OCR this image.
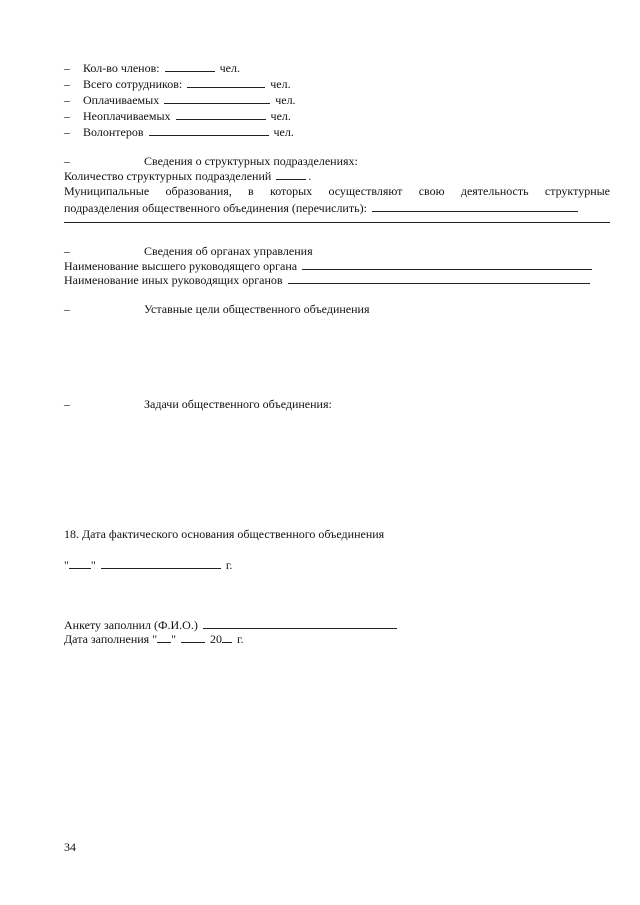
– Кол-во членов:	чел.
– Всего сотрудников:	чел.
– Оплачиваемых	чел.
– Неоплачиваемых	чел.
– Волонтеров	чел.
–	Сведения о структурных подразделениях:
Количество структурных подразделений	.
Муниципальные образования, в которых осуществляют свою деятельность структурные
подразделения общественного объединения (перечислить):
–	Сведения об органах управления
Наименование высшего руководящего органа
Наименование иных руководящих органов
–	Уставные цели общественного объединения
–	Задачи общественного объединения:
18. Дата фактического основания общественного объединения
" "	г.
Анкету заполнил (Ф.И.О.)
Дата заполнения " "	20 г.
34
